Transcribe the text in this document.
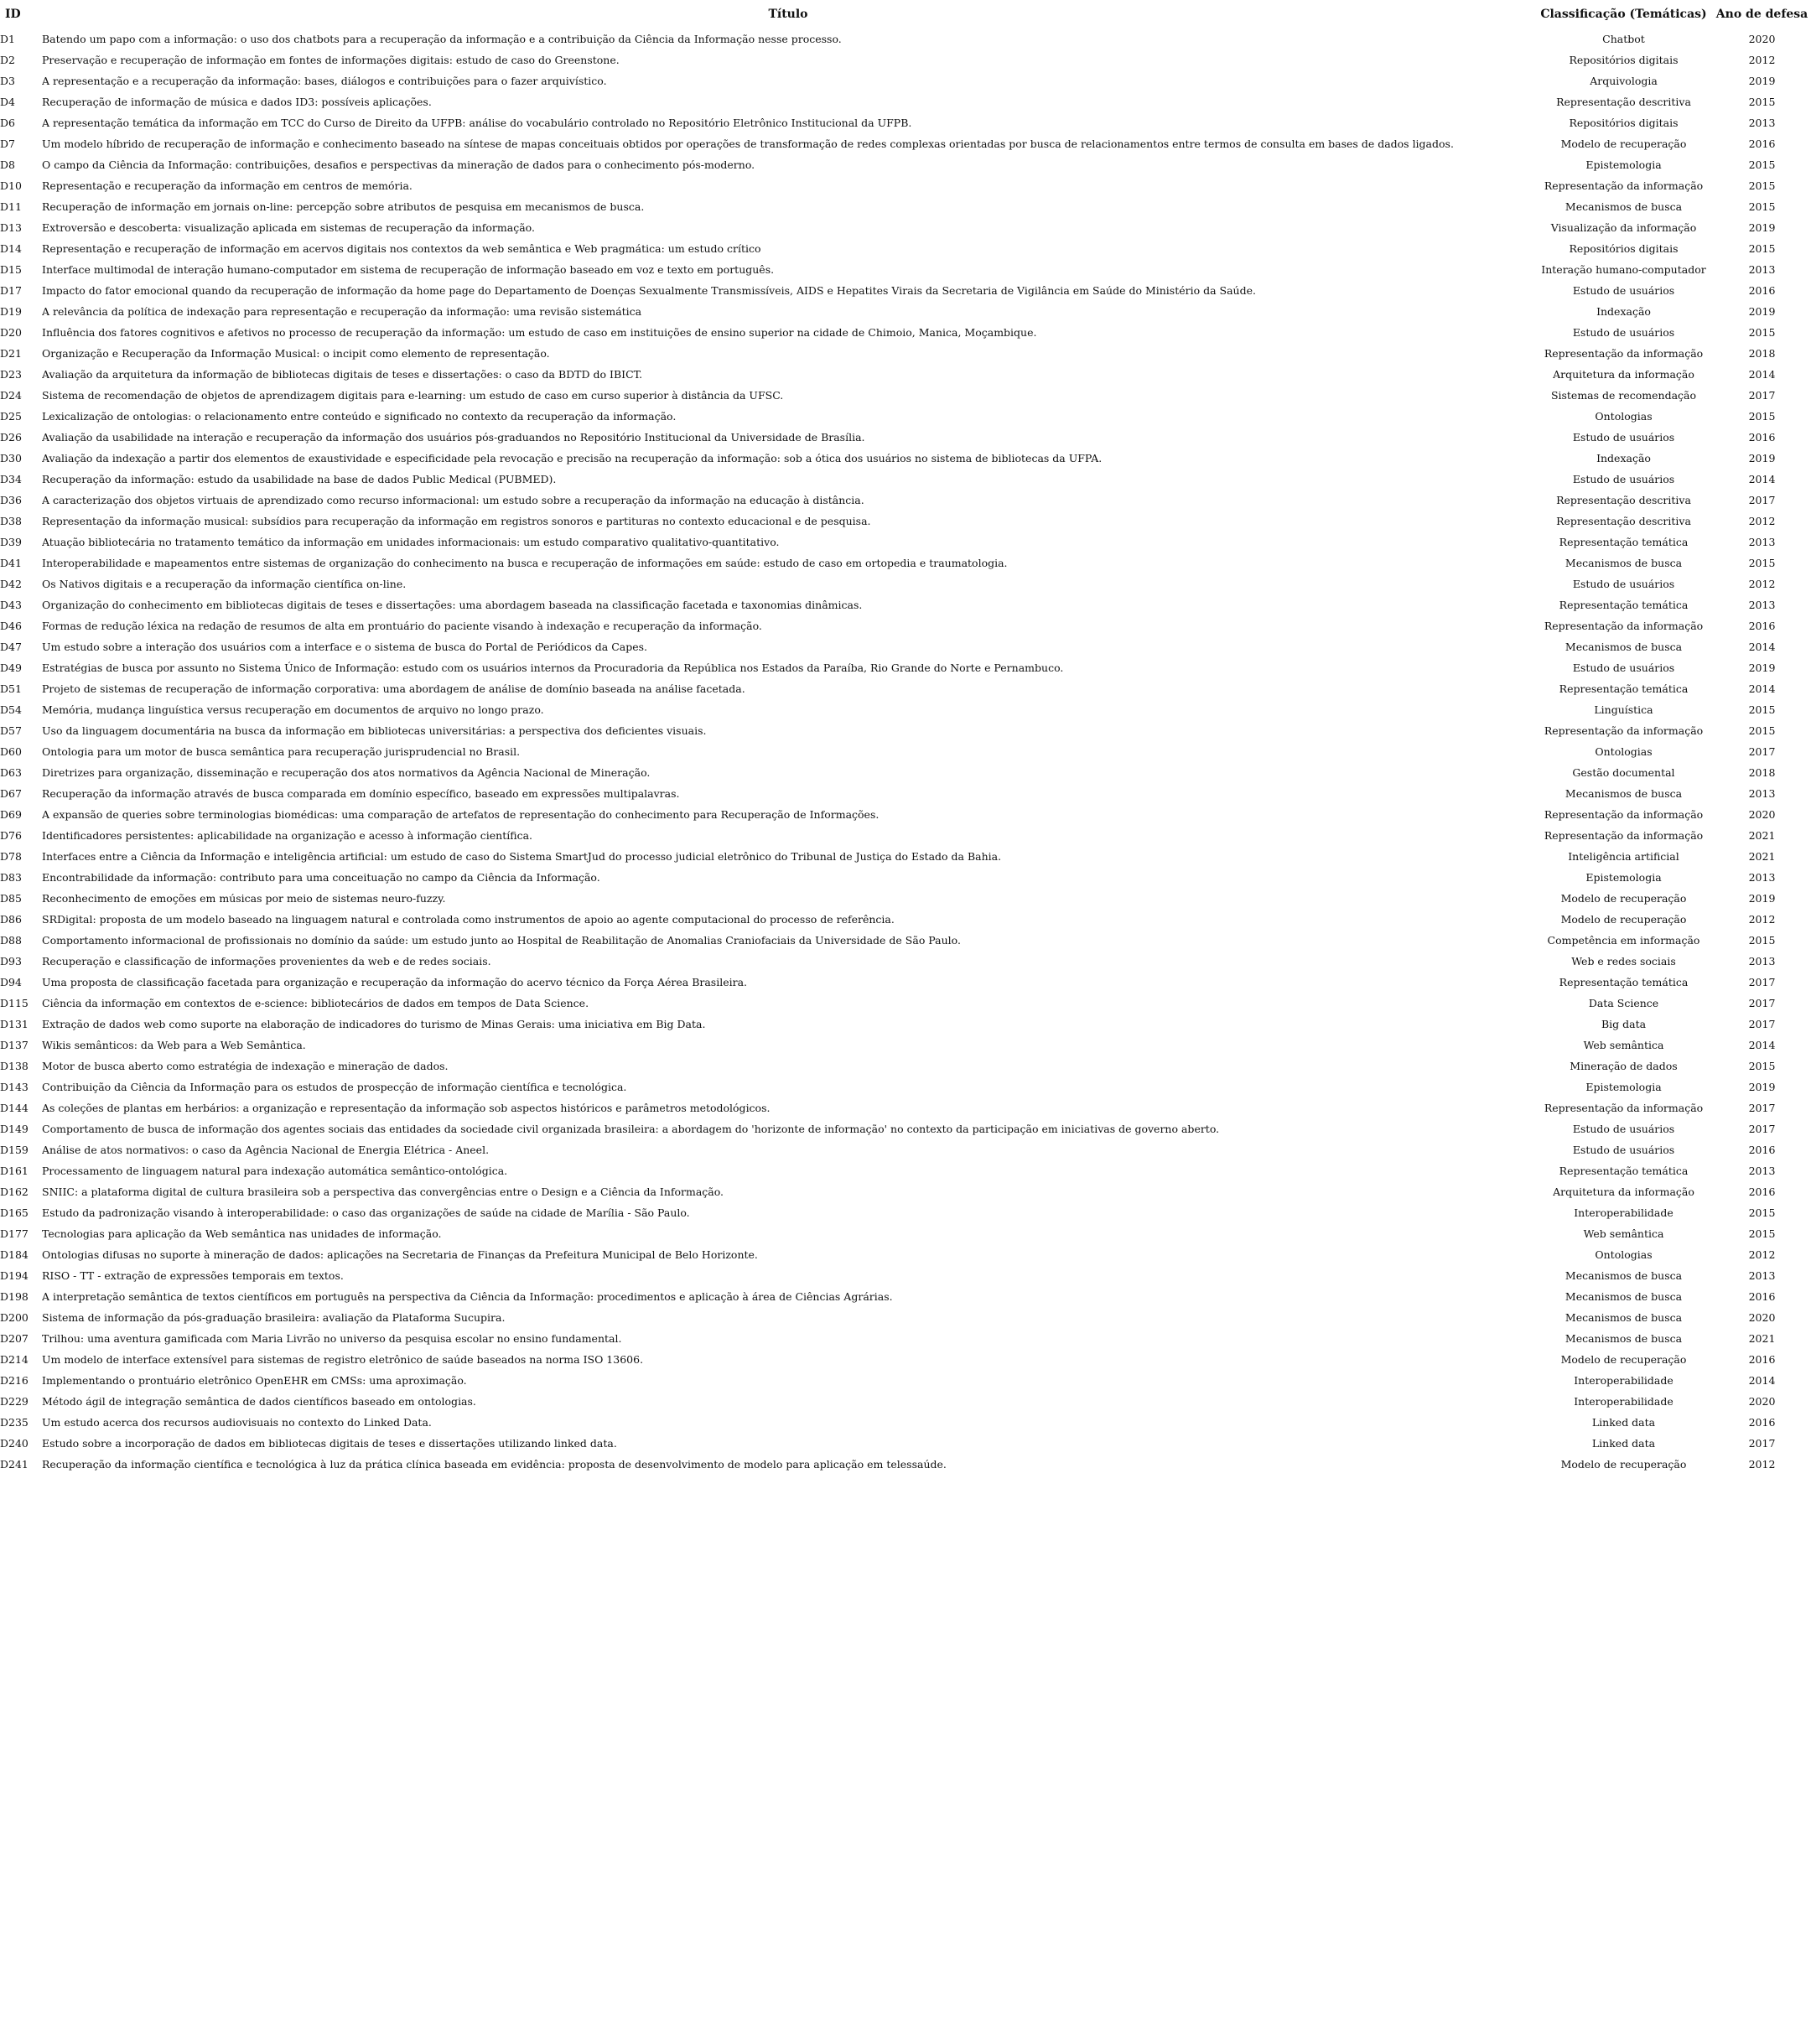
ID	Título	Classificação (Temáticas)	Ano de defesa
D1	Batendo um papo com a informação: o uso dos chatbots para a recuperação da informação e a contribuição da Ciência da Informação nesse processo.	Chatbot	2020
D2	Preservação e recuperação de informação em fontes de informações digitais: estudo de caso do Greenstone.	Repositórios digitais	2012
D3	A representação e a recuperação da informação: bases, diálogos e contribuições para o fazer arquivístico.	Arquivologia	2019
D4	Recuperação de informação de música e dados ID3: possíveis aplicações.	Representação descritiva	2015
D6	A representação temática da informação em TCC do Curso de Direito da UFPB: análise do vocabulário controlado no Repositório Eletrônico Institucional da UFPB.	Repositórios digitais	2013
D7	Um modelo híbrido de recuperação de informação e conhecimento baseado na síntese de mapas conceituais obtidos por operações de transformação de redes complexas orientadas por busca de relacionamentos entre termos de consulta em bases de dados ligados.	Modelo de recuperação	2016
D8	O campo da Ciência da Informação: contribuições, desafios e perspectivas da mineração de dados para o conhecimento pós-moderno.	Epistemologia	2015
D10	Representação e recuperação da informação em centros de memória.	Representação da informação	2015
D11	Recuperação de informação em jornais on-line: percepção sobre atributos de pesquisa em mecanismos de busca.	Mecanismos de busca	2015
D13	Extroversão e descoberta: visualização aplicada em sistemas de recuperação da informação.	Visualização da informação	2019
D14	Representação e recuperação de informação em acervos digitais nos contextos da web semântica e Web pragmática: um estudo crítico	Repositórios digitais	2015
D15	Interface multimodal de interação humano-computador em sistema de recuperação de informação baseado em voz e texto em português.	Interação humano-computador	2013
D17	Impacto do fator emocional quando da recuperação de informação da home page do Departamento de Doenças Sexualmente Transmissíveis, AIDS e Hepatites Virais da Secretaria de Vigilância em Saúde do Ministério da Saúde.	Estudo de usuários	2016
D19	A relevância da política de indexação para representação e recuperação da informação: uma revisão sistemática	Indexação	2019
D20	Influência dos fatores cognitivos e afetivos no processo de recuperação da informação: um estudo de caso em instituições de ensino superior na cidade de Chimoio, Manica, Moçambique.	Estudo de usuários	2015
D21	Organização e Recuperação da Informação Musical: o incipit como elemento de representação.	Representação da informação	2018
D23	Avaliação da arquitetura da informação de bibliotecas digitais de teses e dissertações: o caso da BDTD do IBICT.	Arquitetura da informação	2014
D24	Sistema de recomendação de objetos de aprendizagem digitais para e-learning: um estudo de caso em curso superior à distância da UFSC.	Sistemas de recomendação	2017
D25	Lexicalização de ontologias: o relacionamento entre conteúdo e significado no contexto da recuperação da informação.	Ontologias	2015
D26	Avaliação da usabilidade na interação e recuperação da informação dos usuários pós-graduandos no Repositório Institucional da Universidade de Brasília.	Estudo de usuários	2016
D30	Avaliação da indexação a partir dos elementos de exaustividade e especificidade pela revocação e precisão na recuperação da informação: sob a ótica dos usuários no sistema de bibliotecas da UFPA.	Indexação	2019
D34	Recuperação da informação: estudo da usabilidade na base de dados Public Medical (PUBMED).	Estudo de usuários	2014
D36	A caracterização dos objetos virtuais de aprendizado como recurso informacional: um estudo sobre a recuperação da informação na educação à distância.	Representação descritiva	2017
D38	Representação da informação musical: subsídios para recuperação da informação em registros sonoros e partituras no contexto educacional e de pesquisa.	Representação descritiva	2012
D39	Atuação bibliotecária no tratamento temático da informação em unidades informacionais: um estudo comparativo qualitativo-quantitativo.	Representação temática	2013
D41	Interoperabilidade e mapeamentos entre sistemas de organização do conhecimento na busca e recuperação de informações em saúde: estudo de caso em ortopedia e traumatologia.	Mecanismos de busca	2015
D42	Os Nativos digitais e a recuperação da informação científica on-line.	Estudo de usuários	2012
D43	Organização do conhecimento em bibliotecas digitais de teses e dissertações: uma abordagem baseada na classificação facetada e taxonomias dinâmicas.	Representação temática	2013
D46	Formas de redução léxica na redação de resumos de alta em prontuário do paciente visando à indexação e recuperação da informação.	Representação da informação	2016
D47	Um estudo sobre a interação dos usuários com a interface e o sistema de busca do Portal de Periódicos da Capes.	Mecanismos de busca	2014
D49	Estratégias de busca por assunto no Sistema Único de Informação: estudo com os usuários internos da Procuradoria da República nos Estados da Paraíba, Rio Grande do Norte e Pernambuco.	Estudo de usuários	2019
D51	Projeto de sistemas de recuperação de informação corporativa: uma abordagem de análise de domínio baseada na análise facetada.	Representação temática	2014
D54	Memória, mudança linguística versus recuperação em documentos de arquivo no longo prazo.	Linguística	2015
D57	Uso da linguagem documentária na busca da informação em bibliotecas universitárias: a perspectiva dos deficientes visuais.	Representação da informação	2015
D60	Ontologia para um motor de busca semântica para recuperação jurisprudencial no Brasil.	Ontologias	2017
D63	Diretrizes para organização, disseminação e recuperação dos atos normativos da Agência Nacional de Mineração.	Gestão documental	2018
D67	Recuperação da informação através de busca comparada em domínio específico, baseado em expressões multipalavras.	Mecanismos de busca	2013
D69	A expansão de queries sobre terminologias biomédicas: uma comparação de artefatos de representação do conhecimento para Recuperação de Informações.	Representação da informação	2020
D76	Identificadores persistentes: aplicabilidade na organização e acesso à informação científica.	Representação da informação	2021
D78	Interfaces entre a Ciência da Informação e inteligência artificial: um estudo de caso do Sistema SmartJud do processo judicial eletrônico do Tribunal de Justiça do Estado da Bahia.	Inteligência artificial	2021
D83	Encontrabilidade da informação: contributo para uma conceituação no campo da Ciência da Informação.	Epistemologia	2013
D85	Reconhecimento de emoções em músicas por meio de sistemas neuro-fuzzy.	Modelo de recuperação	2019
D86	SRDigital: proposta de um modelo baseado na linguagem natural e controlada como instrumentos de apoio ao agente computacional do processo de referência.	Modelo de recuperação	2012
D88	Comportamento informacional de profissionais no domínio da saúde: um estudo junto ao Hospital de Reabilitação de Anomalias Craniofaciais da Universidade de São Paulo.	Competência em informação	2015
D93	Recuperação e classificação de informações provenientes da web e de redes sociais.	Web e redes sociais	2013
D94	Uma proposta de classificação facetada para organização e recuperação da informação do acervo técnico da Força Aérea Brasileira.	Representação temática	2017
D115	Ciência da informação em contextos de e-science: bibliotecários de dados em tempos de Data Science.	Data Science	2017
D131	Extração de dados web como suporte na elaboração de indicadores do turismo de Minas Gerais: uma iniciativa em Big Data.	Big data	2017
D137	Wikis semânticos: da Web para a Web Semântica.	Web semântica	2014
D138	Motor de busca aberto como estratégia de indexação e mineração de dados.	Mineração de dados	2015
D143	Contribuição da Ciência da Informação para os estudos de prospecção de informação científica e tecnológica.	Epistemologia	2019
D144	As coleções de plantas em herbários: a organização e representação da informação sob aspectos históricos e parâmetros metodológicos.	Representação da informação	2017
D149	Comportamento de busca de informação dos agentes sociais das entidades da sociedade civil organizada brasileira: a abordagem do 'horizonte de informação' no contexto da participação em iniciativas de governo aberto.	Estudo de usuários	2017
D159	Análise de atos normativos: o caso da Agência Nacional de Energia Elétrica - Aneel.	Estudo de usuários	2016
D161	Processamento de linguagem natural para indexação automática semântico-ontológica.	Representação temática	2013
D162	SNIIC: a plataforma digital de cultura brasileira sob a perspectiva das convergências entre o Design e a Ciência da Informação.	Arquitetura da informação	2016
D165	Estudo da padronização visando à interoperabilidade: o caso das organizações de saúde na cidade de Marília - São Paulo.	Interoperabilidade	2015
D177	Tecnologias para aplicação da Web semântica nas unidades de informação.	Web semântica	2015
D184	Ontologias difusas no suporte à mineração de dados: aplicações na Secretaria de Finanças da Prefeitura Municipal de Belo Horizonte.	Ontologias	2012
D194	RISO - TT - extração de expressões temporais em textos.	Mecanismos de busca	2013
D198	A interpretação semântica de textos científicos em português na perspectiva da Ciência da Informação: procedimentos e aplicação à área de Ciências Agrárias.	Mecanismos de busca	2016
D200	Sistema de informação da pós-graduação brasileira: avaliação da Plataforma Sucupira.	Mecanismos de busca	2020
D207	Trilhou: uma aventura gamificada com Maria Livrão no universo da pesquisa escolar no ensino fundamental.	Mecanismos de busca	2021
D214	Um modelo de interface extensível para sistemas de registro eletrônico de saúde baseados na norma ISO 13606.	Modelo de recuperação	2016
D216	Implementando o prontuário eletrônico OpenEHR em CMSs: uma aproximação.	Interoperabilidade	2014
D229	Método ágil de integração semântica de dados científicos baseado em ontologias.	Interoperabilidade	2020
D235	Um estudo acerca dos recursos audiovisuais no contexto do Linked Data.	Linked data	2016
D240	Estudo sobre a incorporação de dados em bibliotecas digitais de teses e dissertações utilizando linked data.	Linked data	2017
D241	Recuperação da informação científica e tecnológica à luz da prática clínica baseada em evidência: proposta de desenvolvimento de modelo para aplicação em telessaúde.	Modelo de recuperação	2012
